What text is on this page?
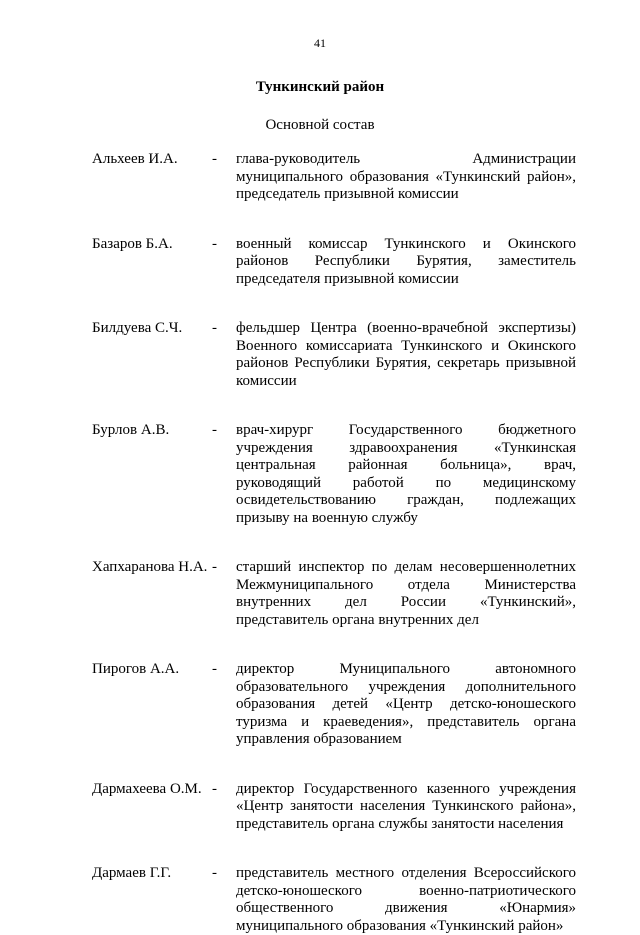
41
Тункинский район
Основной состав
Альхеев И.А.	-	глава-руководитель Администрации муниципального образования «Тункинский район», председатель призывной комиссии
Базаров Б.А.	-	военный комиссар Тункинского и Окинского районов Республики Бурятия, заместитель председателя призывной комиссии
Билдуева С.Ч.	-	фельдшер Центра (военно-врачебной экспертизы) Военного комиссариата Тункинского и Окинского районов Республики Бурятия, секретарь призывной комиссии
Бурлов А.В.	-	врач-хирург Государственного бюджетного учреждения здравоохранения «Тункинская центральная районная больница», врач, руководящий работой по медицинскому освидетельствованию граждан, подлежащих призыву на военную службу
Хапхаранова Н.А. -	старший инспектор по делам несовершеннолетних Межмуниципального отдела Министерства внутренних дел России «Тункинский», представитель органа внутренних дел
Пирогов А.А.	-	директор Муниципального автономного образовательного учреждения дополнительного образования детей «Центр детско-юношеского туризма и краеведения», представитель органа управления образованием
Дармахеева О.М. -	директор Государственного казенного учреждения «Центр занятости населения Тункинского района», представитель органа службы занятости населения
Дармаев Г.Г.	-	представитель местного отделения Всероссийского детско-юношеского военно-патриотического общественного движения «Юнармия» муниципального образования «Тункинский район»
